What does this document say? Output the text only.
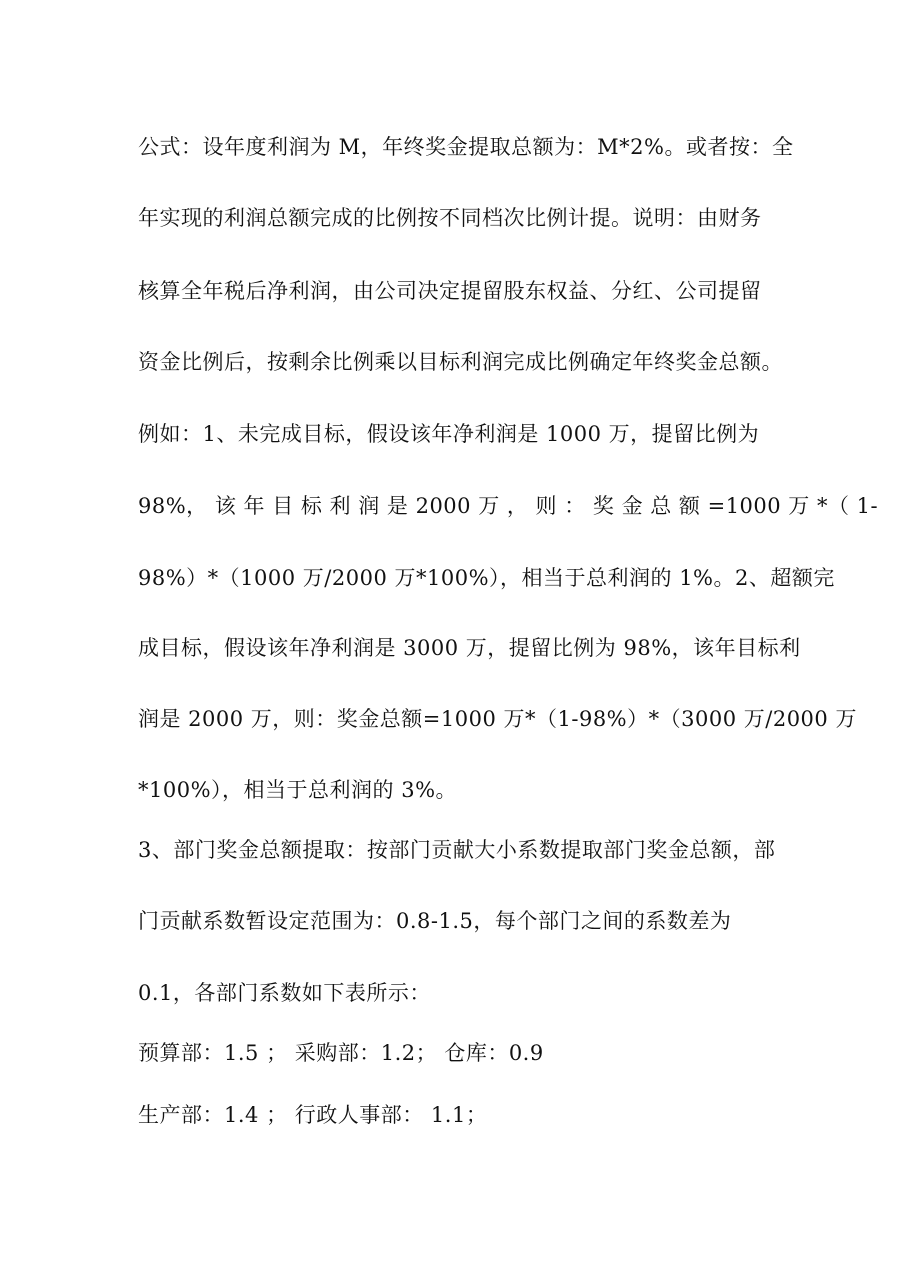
公式：设年度利润为 M，年终奖金提取总额为：M*2%。或者按：全
年实现的利润总额完成的比例按不同档次比例计提。说明：由财务
核算全年税后净利润，由公司决定提留股东权益、分红、公司提留
资金比例后，按剩余比例乘以目标利润完成比例确定年终奖金总额。
例如：1、未完成目标，假设该年净利润是 1000 万，提留比例为
98%， 该 年 目 标 利 润 是 2000 万 ， 则 ： 奖 金 总 额 =1000 万 *（ 1-
98%）*（1000 万/2000 万*100%），相当于总利润的 1%。2、超额完
成目标，假设该年净利润是 3000 万，提留比例为 98%，该年目标利
润是 2000 万，则：奖金总额=1000 万*（1-98%）*（3000 万/2000 万
*100%），相当于总利润的 3%。
3、部门奖金总额提取：按部门贡献大小系数提取部门奖金总额，部
门贡献系数暂设定范围为：0.8-1.5，每个部门之间的系数差为
0.1，各部门系数如下表所示：
预算部：1.5 ； 采购部：1.2； 仓库：0.9
生产部：1.4 ； 行政人事部： 1.1；
